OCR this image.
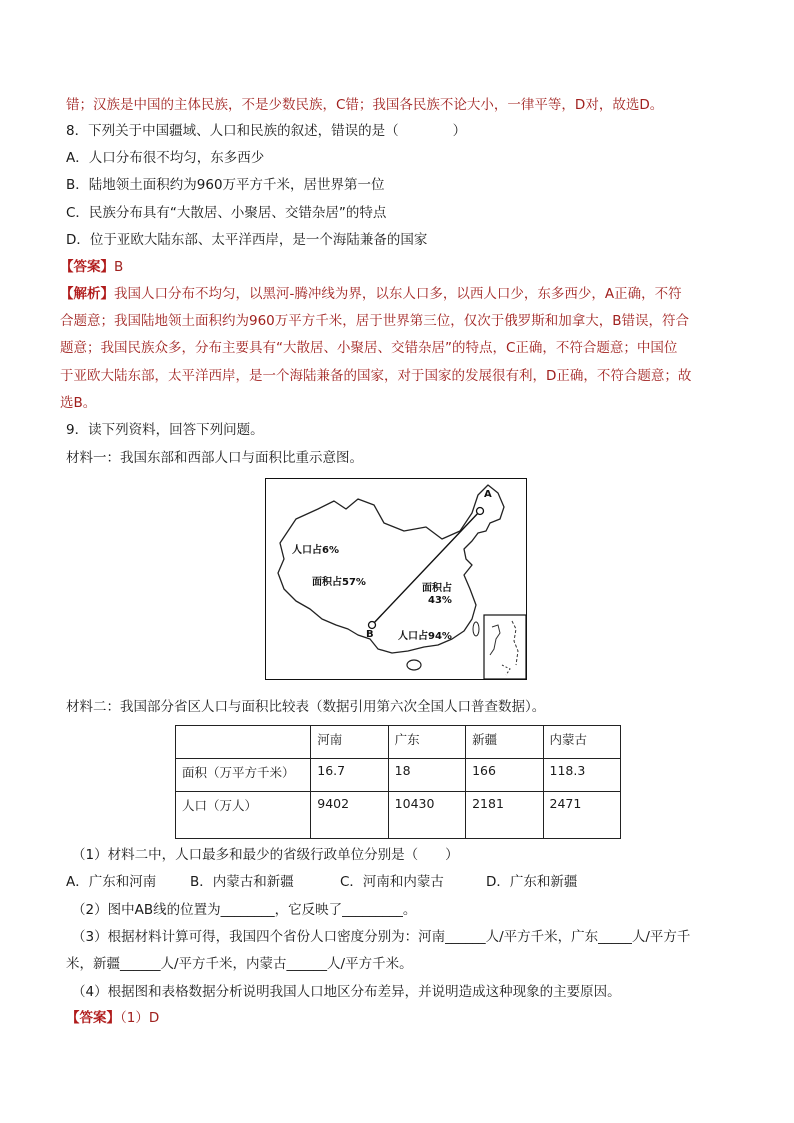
错；汉族是中国的主体民族，不是少数民族，C错；我国各民族不论大小，一律平等，D对，故选D。
8．下列关于中国疆域、人口和民族的叙述，错误的是（　　　　）
A．人口分布很不均匀，东多西少
B．陆地领土面积约为960万平方千米，居世界第一位
C．民族分布具有“大散居、小聚居、交错杂居”的特点
D．位于亚欧大陆东部、太平洋西岸，是一个海陆兼备的国家
【答案】B
【解析】我国人口分布不均匀，以黑河-腾冲线为界，以东人口多，以西人口少，东多西少，A正确，不符
合题意；我国陆地领土面积约为960万平方千米，居于世界第三位，仅次于俄罗斯和加拿大，B错误，符合
题意；我国民族众多，分布主要具有“大散居、小聚居、交错杂居”的特点，C正确，不符合题意；中国位
于亚欧大陆东部，太平洋西岸，是一个海陆兼备的国家，对于国家的发展很有利，D正确，不符合题意；故
选B。
9．读下列资料，回答下列问题。
材料一：我国东部和西部人口与面积比重示意图。
A
B
人口占6%
面积占57%
面积占
43%
人口占94%
材料二：我国部分省区人口与面积比较表（数据引用第六次全国人口普查数据）。
	河南	广东	新疆	内蒙古
面积（万平方千米）	16.7	18	166	118.3
人口（万人）	9402	10430	2181	2471
（1）材料二中，人口最多和最少的省级行政单位分别是（　　）
A．广东和河南	B．内蒙古和新疆	C．河南和内蒙古	D．广东和新疆
（2）图中AB线的位置为________，它反映了_________。
（3）根据材料计算可得，我国四个省份人口密度分别为：河南______人/平方千米，广东_____人/平方千
米，新疆______人/平方千米，内蒙古______人/平方千米。
（4）根据图和表格数据分析说明我国人口地区分布差异，并说明造成这种现象的主要原因。
【答案】（1）D
